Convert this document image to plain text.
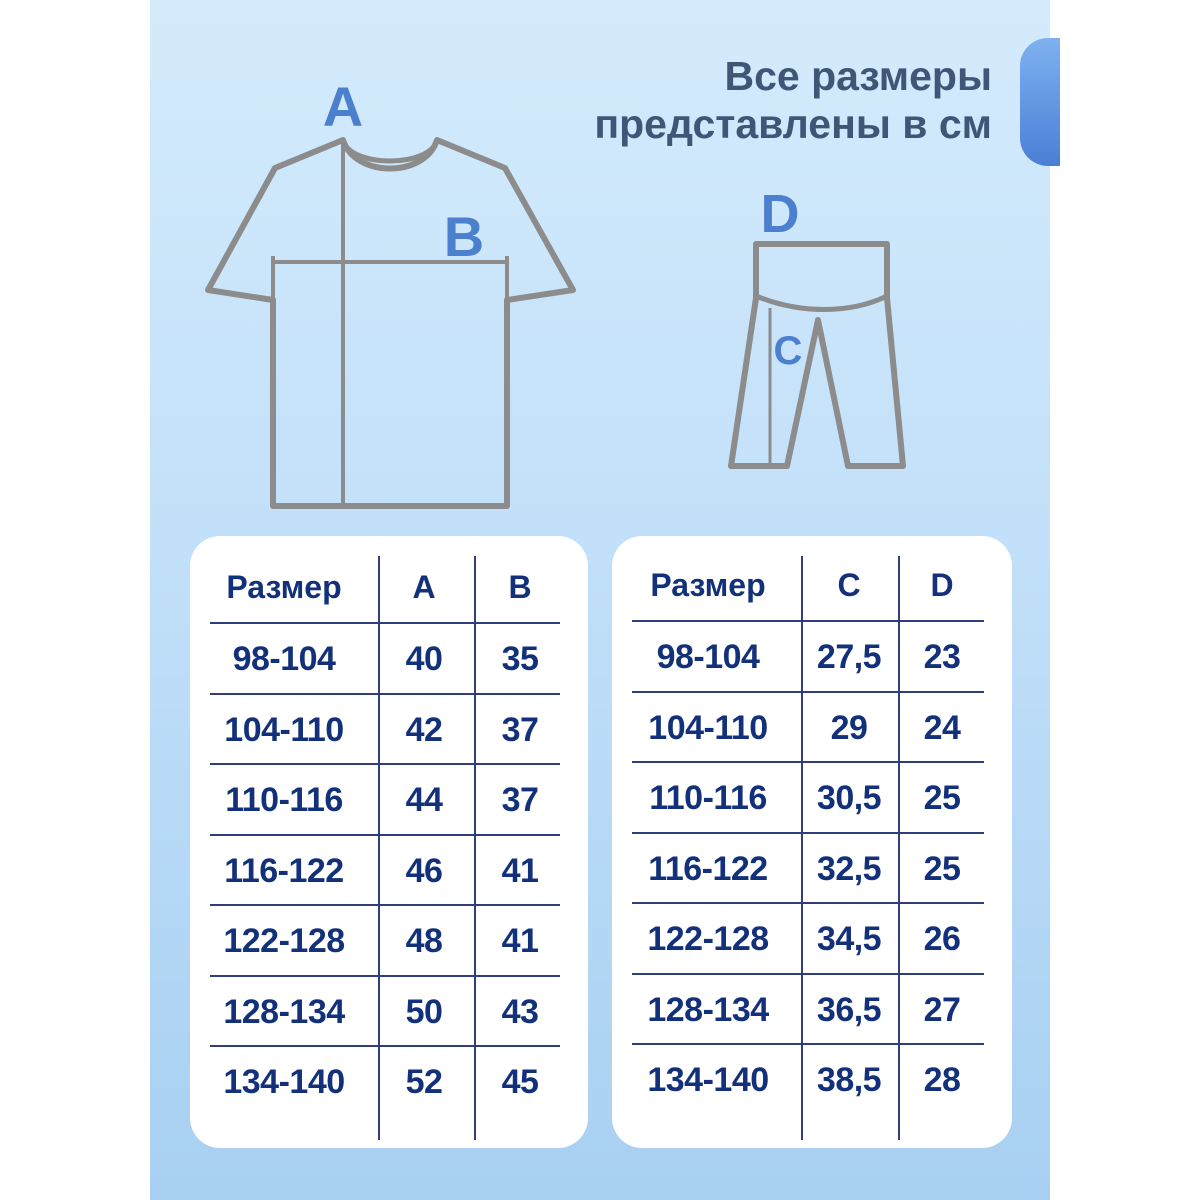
Все размеры
представлены в см
A
B
C
D
Размер	A	B
98-104	40	35
104-110	42	37
110-116	44	37
116-122	46	41
122-128	48	41
128-134	50	43
134-140	52	45
Размер	C	D
98-104	27,5	23
104-110	29	24
110-116	30,5	25
116-122	32,5	25
122-128	34,5	26
128-134	36,5	27
134-140	38,5	28
